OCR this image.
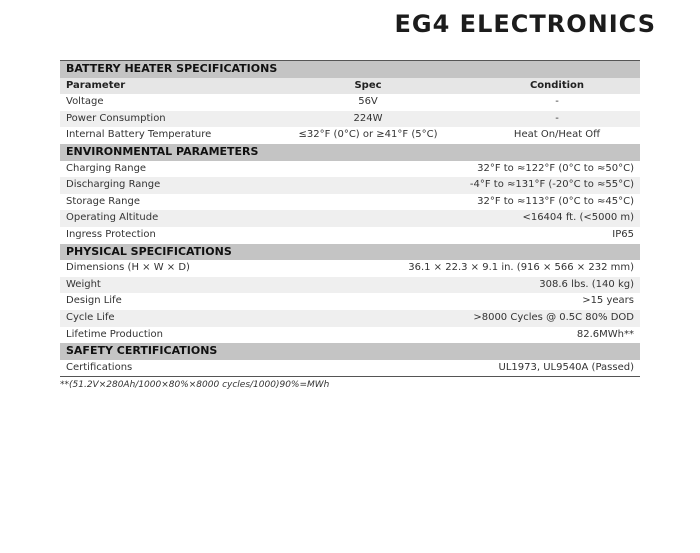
EG4 ELECTRONICS
BATTERY HEATER SPECIFICATIONS		
Parameter	Spec	Condition
Voltage	56V	-
Power Consumption	224W	-
Internal Battery Temperature	≤32°F (0°C) or ≥41°F (5°C)	Heat On/Heat Off
ENVIRONMENTAL PARAMETERS		
Charging Range	32°F to ≈122°F (0°C to ≈50°C)	
Discharging Range	-4°F to ≈131°F (-20°C to ≈55°C)	
Storage Range	32°F to ≈113°F (0°C to ≈45°C)	
Operating Altitude	<16404 ft. (<5000 m)	
Ingress Protection	IP65	
PHYSICAL SPECIFICATIONS		
Dimensions (H × W × D)	36.1 × 22.3 × 9.1 in. (916 × 566 × 232 mm)	
Weight	308.6 lbs. (140 kg)	
Design Life	>15 years	
Cycle Life	>8000 Cycles @ 0.5C 80% DOD	
Lifetime Production	82.6MWh**	
SAFETY CERTIFICATIONS		
Certifications	UL1973, UL9540A (Passed)	
**(51.2V×280Ah/1000×80%×8000 cycles/1000)90%=MWh
